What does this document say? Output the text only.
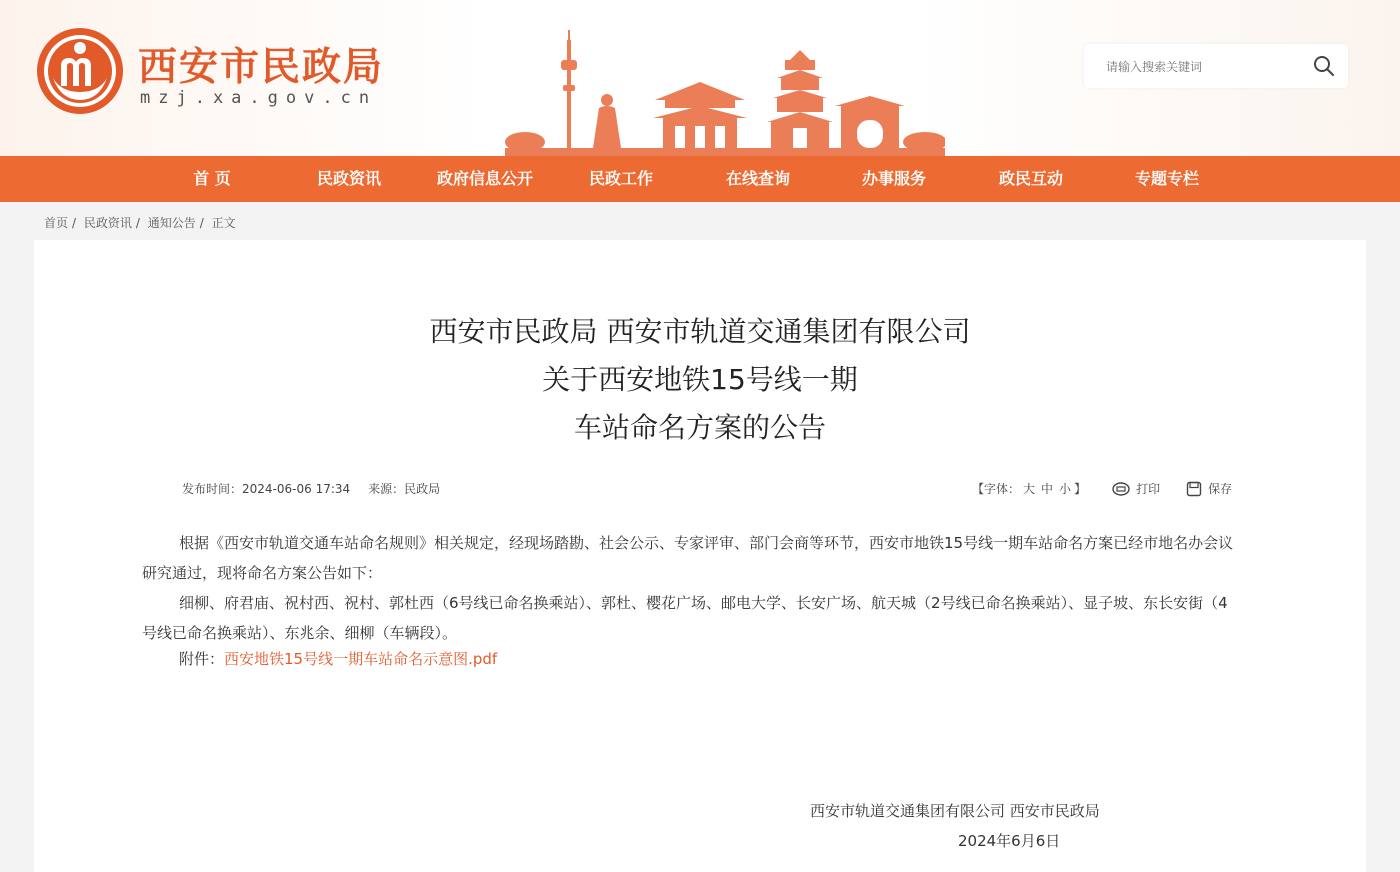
西安市民政局
mzj.xa.gov.cn
请输入搜索关键词
首 页	民政资讯	政府信息公开	民政工作	在线查询	办事服务	政民互动	专题专栏
首页 / 民政资讯 / 通知公告 / 正文
西安市民政局 西安市轨道交通集团有限公司
关于西安地铁15号线一期
车站命名方案的公告
发布时间：2024-06-06 17:34 来源：民政局	【字体： 大 中 小 】	打印	保存
根据《西安市轨道交通车站命名规则》相关规定，经现场踏勘、社会公示、专家评审、部门会商等环节，西安市地铁15号线一期车站命名方案已经市地名办会议研究通过，现将命名方案公告如下：
细柳、府君庙、祝村西、祝村、郭杜西（6号线已命名换乘站）、郭杜、樱花广场、邮电大学、长安广场、航天城（2号线已命名换乘站）、显子坡、东长安街（4号线已命名换乘站）、东兆余、细柳（车辆段）。
附件：西安地铁15号线一期车站命名示意图.pdf
西安市轨道交通集团有限公司 西安市民政局
2024年6月6日
